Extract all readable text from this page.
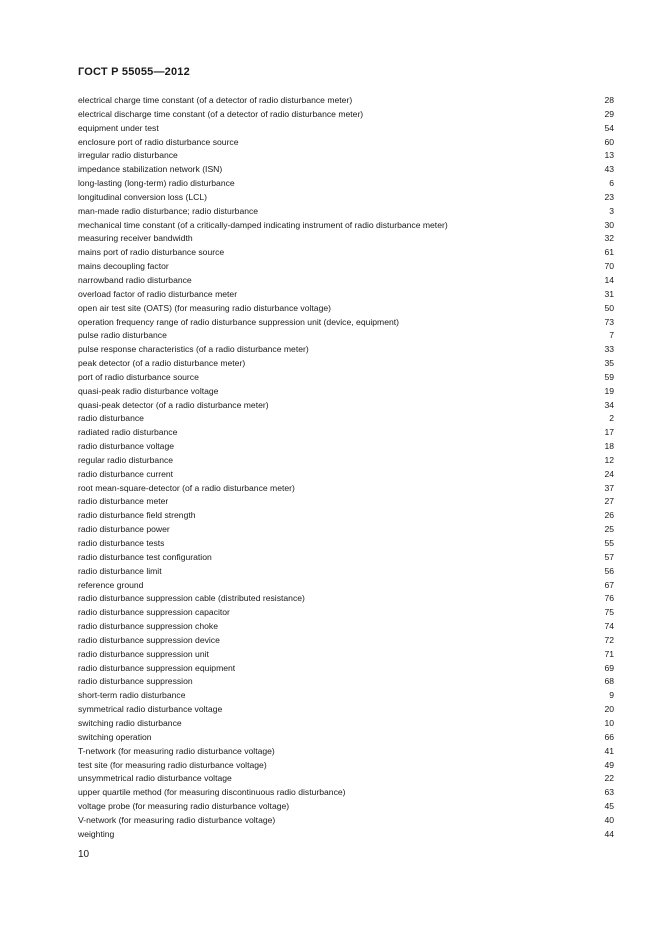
ГОСТ Р 55055—2012
electrical charge time constant (of a detector of radio disturbance meter)	28
electrical discharge time constant (of a detector of radio disturbance meter)	29
equipment under test	54
enclosure port of radio disturbance source	60
irregular radio disturbance	13
impedance stabilization network (ISN)	43
long-lasting (long-term) radio disturbance	6
longitudinal conversion loss (LCL)	23
man-made radio disturbance; radio disturbance	3
mechanical time constant (of a critically-damped indicating instrument of radio disturbance meter)	30
measuring receiver bandwidth	32
mains port of radio disturbance source	61
mains decoupling factor	70
narrowband radio disturbance	14
overload factor of radio disturbance meter	31
open air test site (OATS) (for measuring radio disturbance voltage)	50
operation frequency range of radio disturbance suppression unit (device, equipment)	73
pulse radio disturbance	7
pulse response characteristics (of a radio disturbance meter)	33
peak detector (of a radio disturbance meter)	35
port of radio disturbance source	59
quasi-peak radio disturbance voltage	19
quasi-peak detector (of a radio disturbance meter)	34
radio disturbance	2
radiated radio disturbance	17
radio disturbance voltage	18
regular radio disturbance	12
radio disturbance current	24
root mean-square-detector (of a radio disturbance meter)	37
radio disturbance meter	27
radio disturbance field strength	26
radio disturbance power	25
radio disturbance tests	55
radio disturbance test configuration	57
radio disturbance limit	56
reference ground	67
radio disturbance suppression cable (distributed resistance)	76
radio disturbance suppression capacitor	75
radio disturbance suppression choke	74
radio disturbance suppression device	72
radio disturbance suppression unit	71
radio disturbance suppression equipment	69
radio disturbance suppression	68
short-term radio disturbance	9
symmetrical radio disturbance voltage	20
switching radio disturbance	10
switching operation	66
T-network (for measuring radio disturbance voltage)	41
test site (for measuring radio disturbance voltage)	49
unsymmetrical radio disturbance voltage	22
upper quartile method (for measuring discontinuous radio disturbance)	63
voltage probe (for measuring radio disturbance voltage)	45
V-network (for measuring radio disturbance voltage)	40
weighting	44
10
